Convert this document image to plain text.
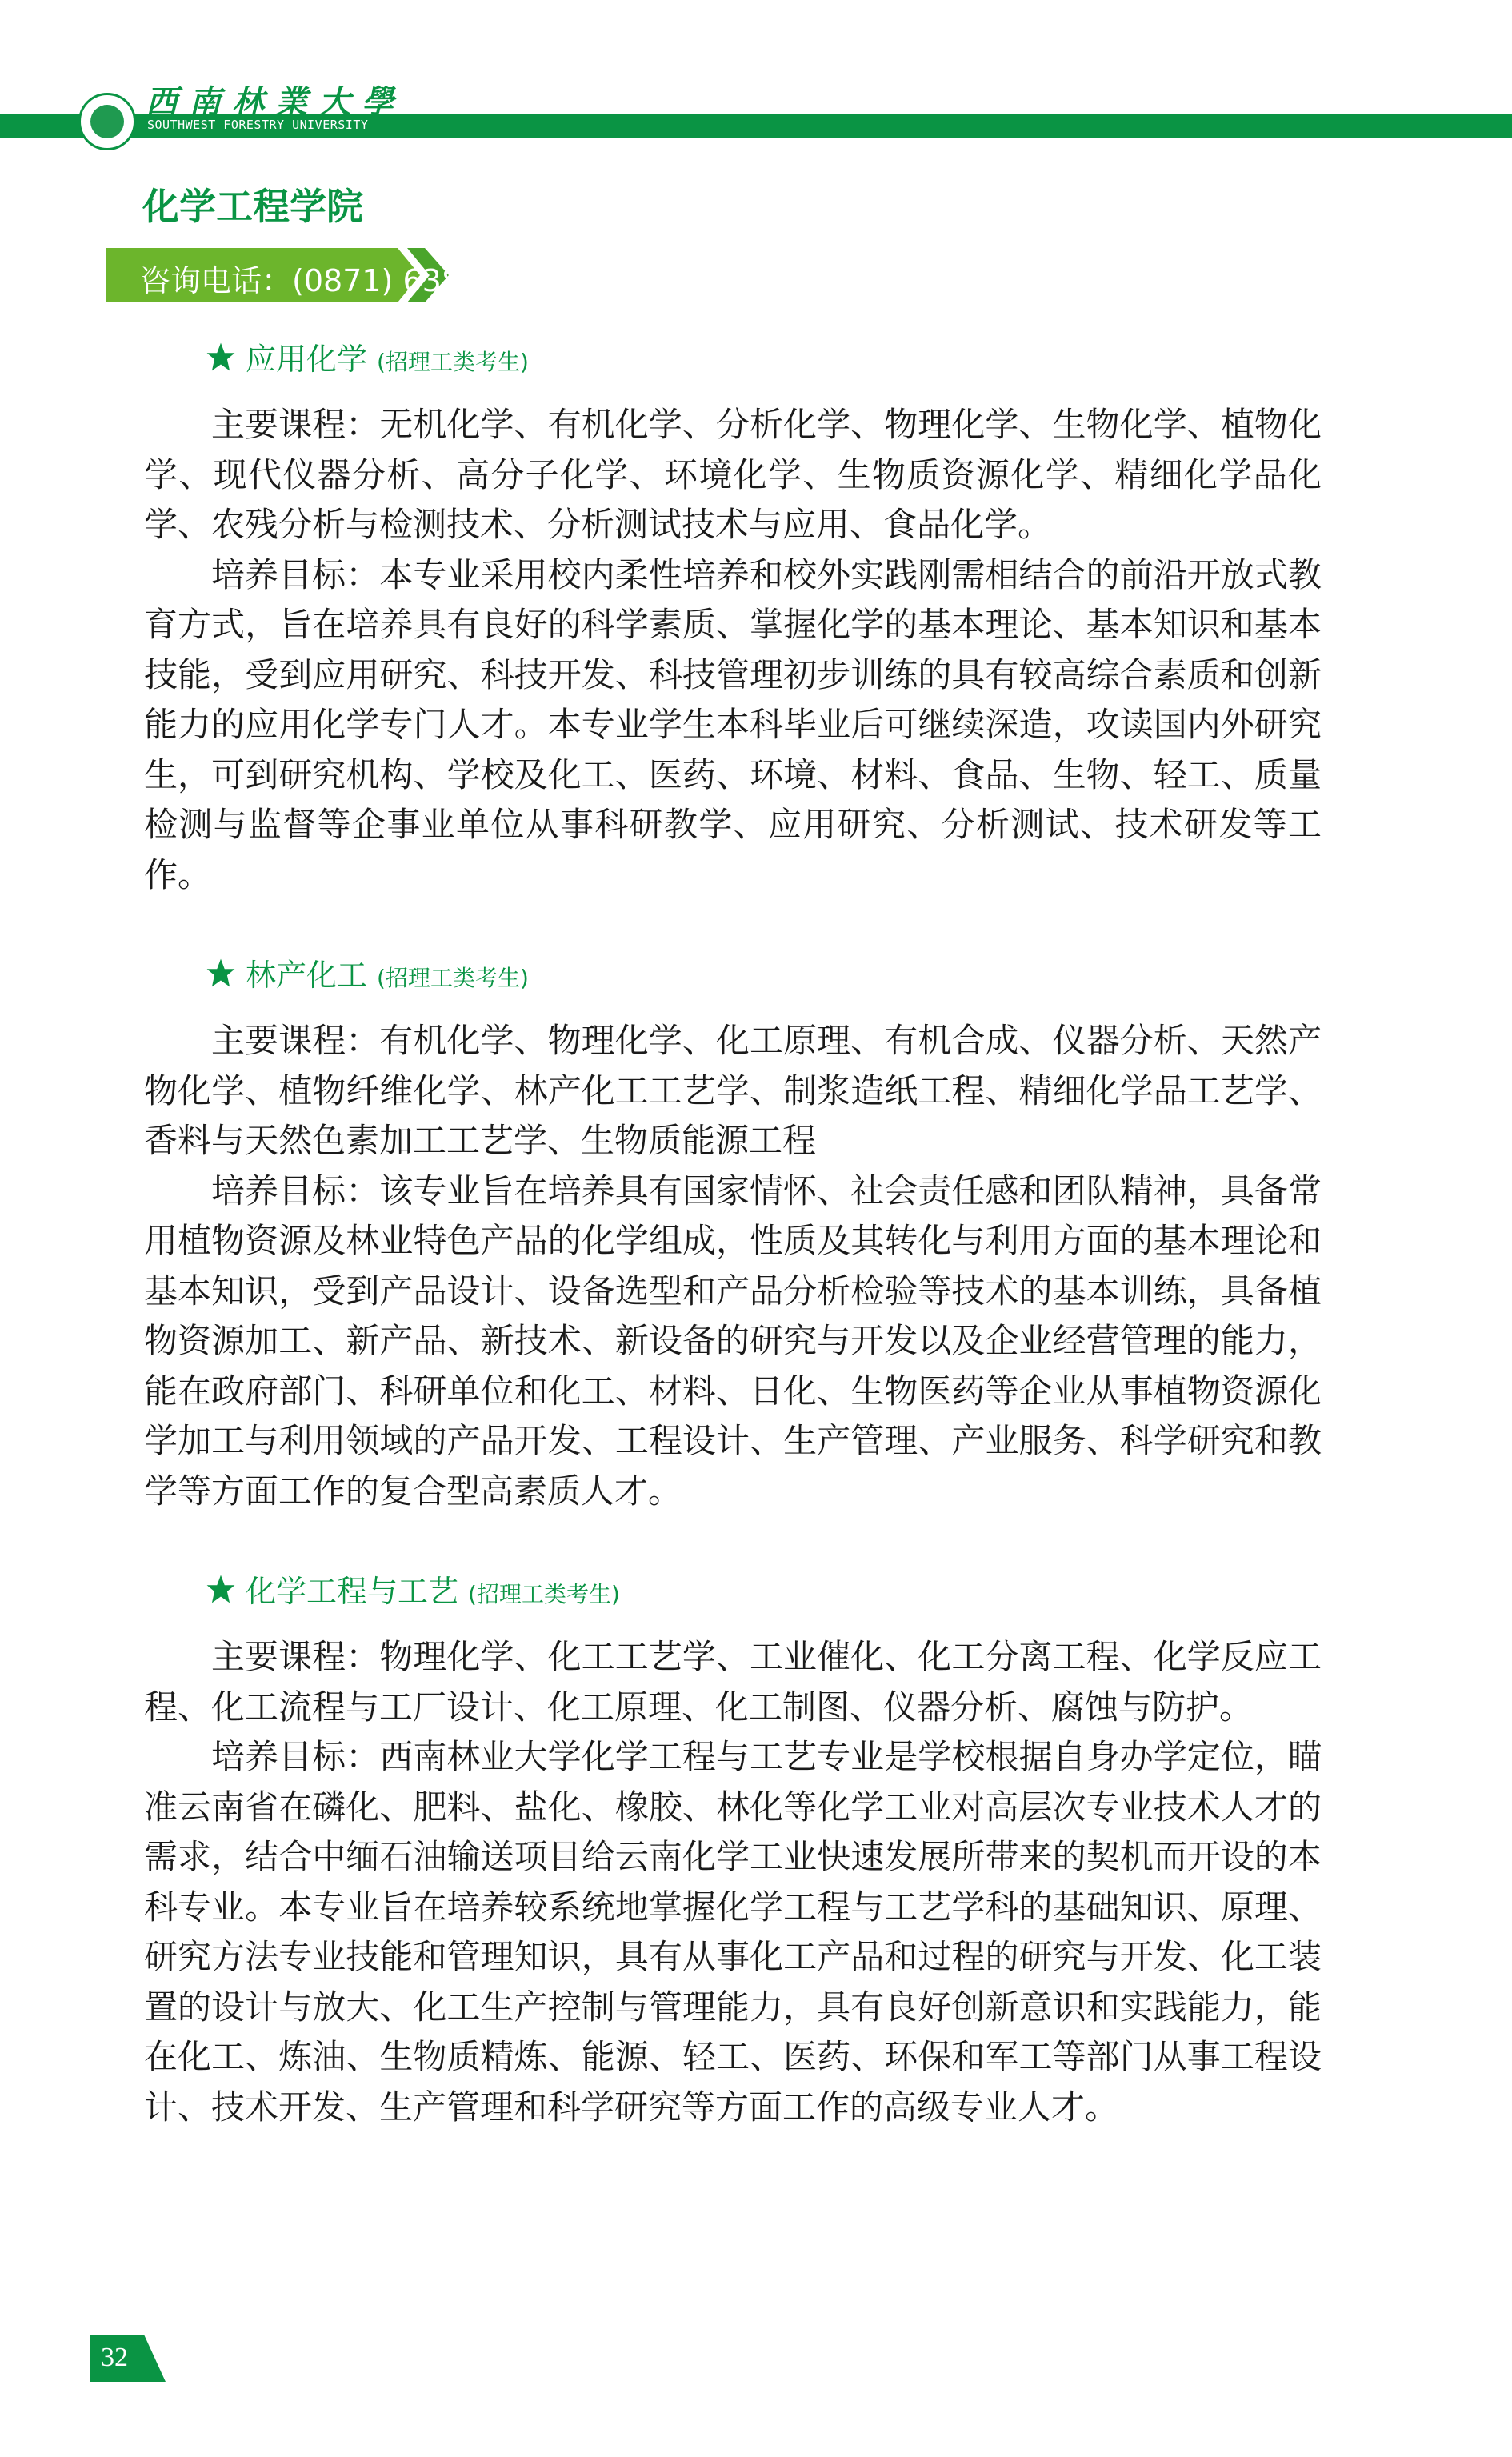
西南林業大學
SOUTHWEST FORESTRY UNIVERSITY
化学工程学院
咨询电话：(0871) 63863519
应用化学 (招理工类考生)

主要课程：无机化学、有机化学、分析化学、物理化学、生物化学、植物化学、现代仪器分析、高分子化学、环境化学、生物质资源化学、精细化学品化学、农残分析与检测技术、分析测试技术与应用、食品化学。

培养目标：本专业采用校内柔性培养和校外实践刚需相结合的前沿开放式教育方式，旨在培养具有良好的科学素质、掌握化学的基本理论、基本知识和基本技能，受到应用研究、科技开发、科技管理初步训练的具有较高综合素质和创新能力的应用化学专门人才。本专业学生本科毕业后可继续深造，攻读国内外研究生，可到研究机构、学校及化工、医药、环境、材料、食品、生物、轻工、质量检测与监督等企事业单位从事科研教学、应用研究、分析测试、技术研发等工作。

林产化工 (招理工类考生)

主要课程：有机化学、物理化学、化工原理、有机合成、仪器分析、天然产物化学、植物纤维化学、林产化工工艺学、制浆造纸工程、精细化学品工艺学、香料与天然色素加工工艺学、生物质能源工程

培养目标：该专业旨在培养具有国家情怀、社会责任感和团队精神，具备常用植物资源及林业特色产品的化学组成，性质及其转化与利用方面的基本理论和基本知识，受到产品设计、设备选型和产品分析检验等技术的基本训练，具备植物资源加工、新产品、新技术、新设备的研究与开发以及企业经营管理的能力，能在政府部门、科研单位和化工、材料、日化、生物医药等企业从事植物资源化学加工与利用领域的产品开发、工程设计、生产管理、产业服务、科学研究和教学等方面工作的复合型高素质人才。

化学工程与工艺 (招理工类考生)

主要课程：物理化学、化工工艺学、工业催化、化工分离工程、化学反应工程、化工流程与工厂设计、化工原理、化工制图、仪器分析、腐蚀与防护。

培养目标：西南林业大学化学工程与工艺专业是学校根据自身办学定位，瞄准云南省在磷化、肥料、盐化、橡胶、林化等化学工业对高层次专业技术人才的需求，结合中缅石油输送项目给云南化学工业快速发展所带来的契机而开设的本科专业。本专业旨在培养较系统地掌握化学工程与工艺学科的基础知识、原理、研究方法专业技能和管理知识，具有从事化工产品和过程的研究与开发、化工装置的设计与放大、化工生产控制与管理能力，具有良好创新意识和实践能力，能在化工、炼油、生物质精炼、能源、轻工、医药、环保和军工等部门从事工程设计、技术开发、生产管理和科学研究等方面工作的高级专业人才。

32
